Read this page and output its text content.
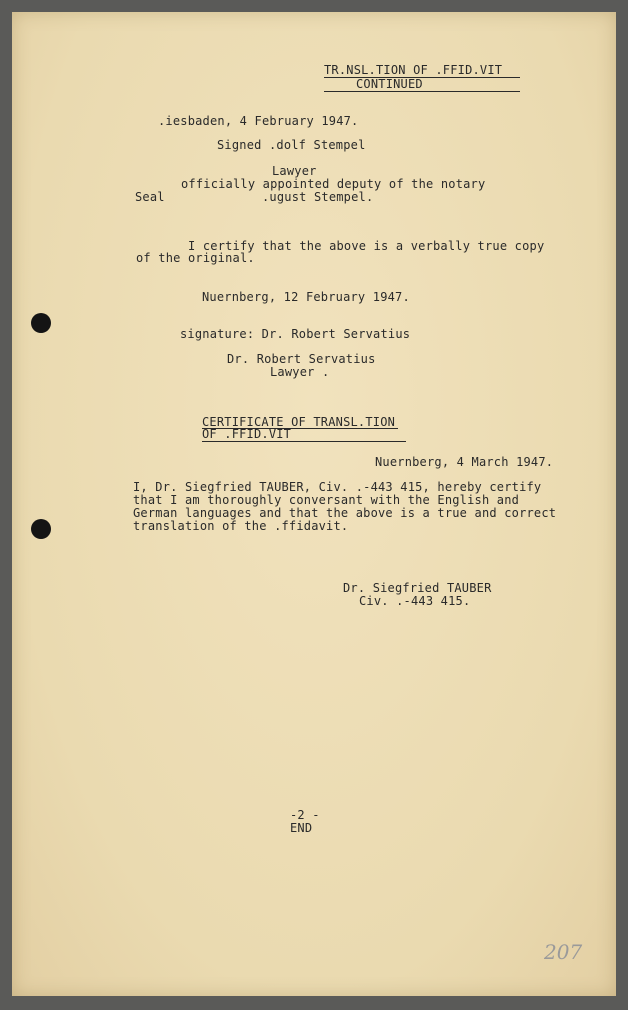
TR.NSL.TION OF .FFID.VIT
CONTINUED
.iesbaden, 4 February 1947.
Signed .dolf Stempel
Lawyer
officially appointed deputy of the notary
Seal	.ugust Stempel.
I certify that the above is a verbally true copy
of the original.
Nuernberg, 12 February 1947.
signature: Dr. Robert Servatius
Dr. Robert Servatius
Lawyer .
CERTIFICATE OF TRANSL.TION
OF .FFID.VIT
Nuernberg, 4 March 1947.
I, Dr. Siegfried TAUBER, Civ. .-443 415, hereby certify
that I am thoroughly conversant with the English and
German languages and that the above is a true and correct
translation of the .ffidavit.
Dr. Siegfried TAUBER
Civ. .-443 415.
-2 -
END
207
